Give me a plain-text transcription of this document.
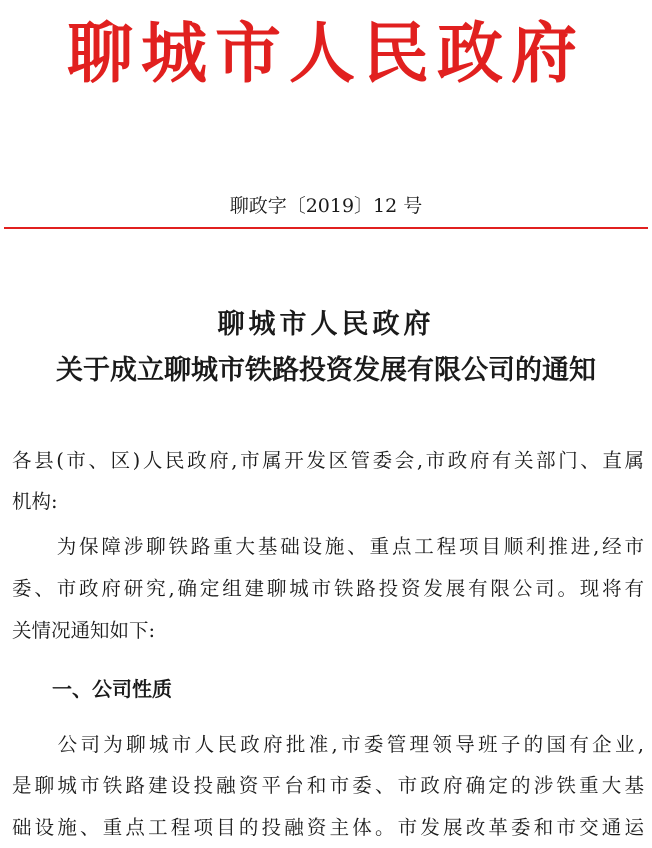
聊城市人民政府
聊政字〔2019〕12 号
聊城市人民政府
关于成立聊城市铁路投资发展有限公司的通知
各县(市、区)人民政府,市属开发区管委会,市政府有关部门、直属
机构:
　　为保障涉聊铁路重大基础设施、重点工程项目顺利推进,经市
委、市政府研究,确定组建聊城市铁路投资发展有限公司。现将有
关情况通知如下:
一、公司性质
　　公司为聊城市人民政府批准,市委管理领导班子的国有企业,
是聊城市铁路建设投融资平台和市委、市政府确定的涉铁重大基
础设施、重点工程项目的投融资主体。市发展改革委和市交通运
